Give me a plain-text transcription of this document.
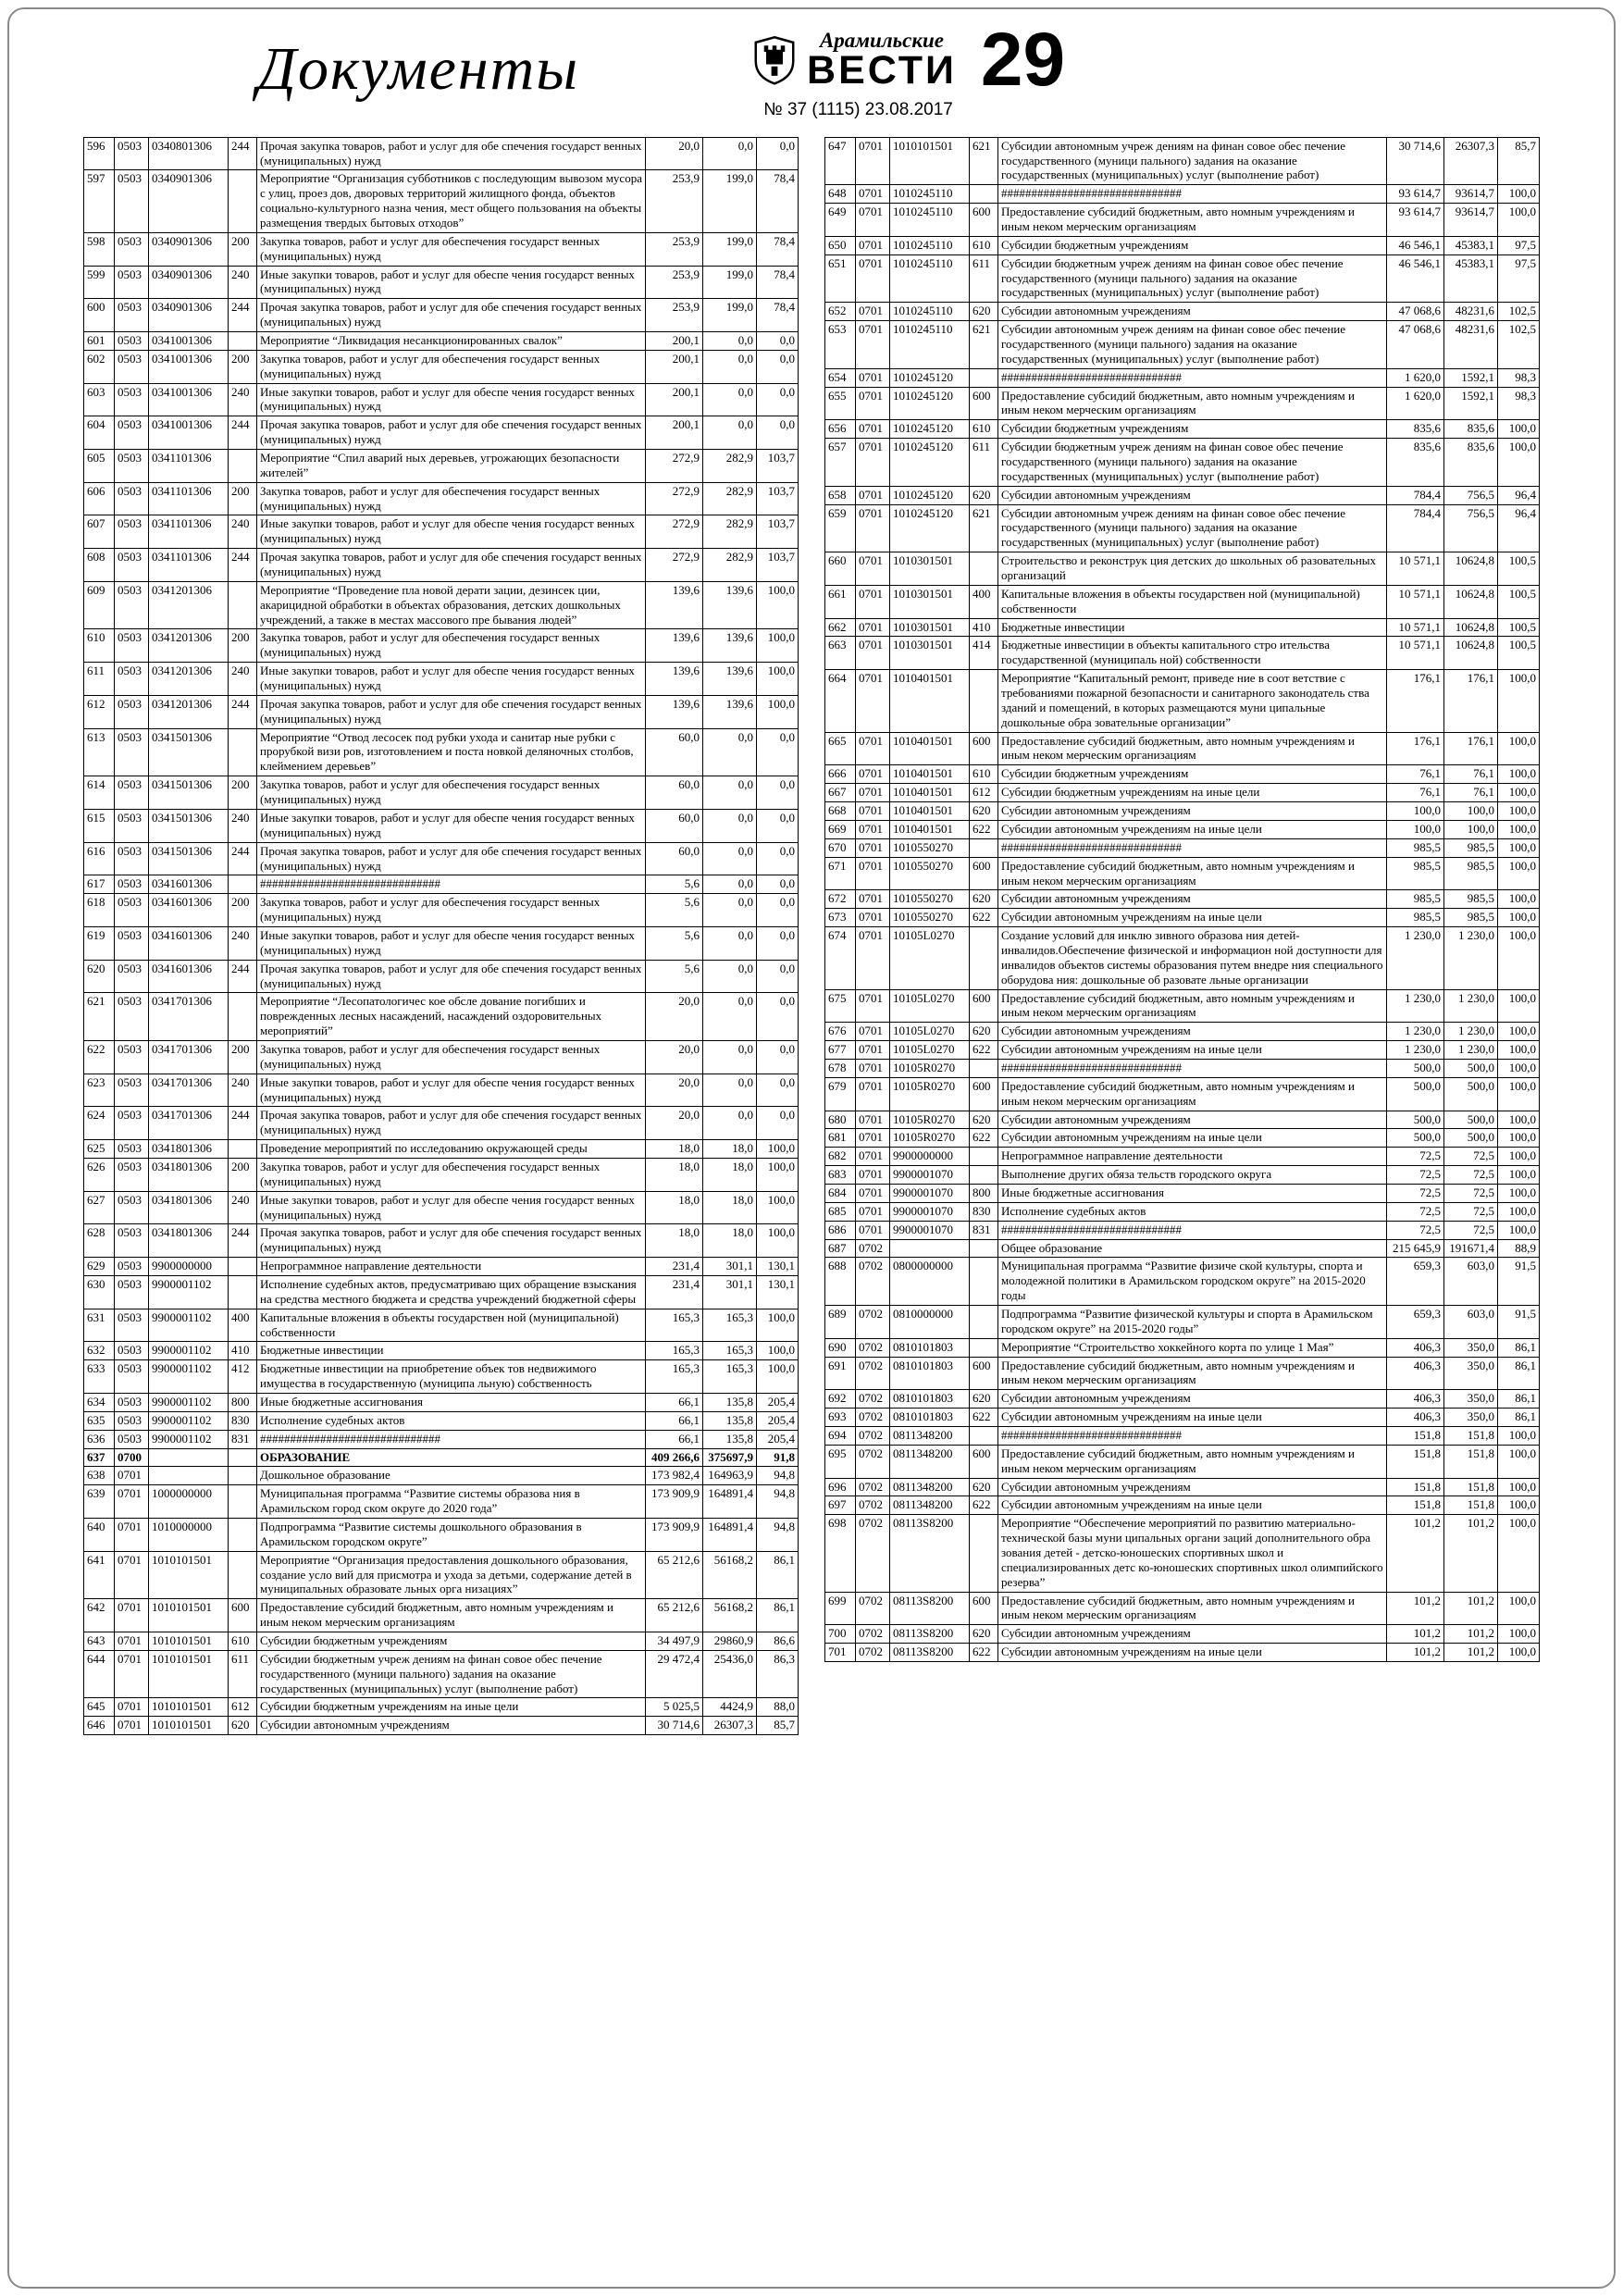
Документы	Арамильские
ВЕСТИ 29
№ 37 (1115) 23.08.2017
596	0503	0340801306	244	Прочая закупка товаров, работ и услуг для обе спечения государст венных (муниципальных) нужд	20,0	0,0	0,0
597	0503	0340901306		Мероприятие “Организация субботников с последующим вывозом мусора с улиц, проез дов, дворовых территорий жилищного фонда, объектов социально-культурного назна чения, мест общего пользования на объекты размещения твердых бытовых отходов”	253,9	199,0	78,4
598	0503	0340901306	200	Закупка товаров, работ и услуг для обеспечения государст венных (муниципальных) нужд	253,9	199,0	78,4
599	0503	0340901306	240	Иные закупки товаров, работ и услуг для обеспе чения государст венных (муниципальных) нужд	253,9	199,0	78,4
600	0503	0340901306	244	Прочая закупка товаров, работ и услуг для обе спечения государст венных (муниципальных) нужд	253,9	199,0	78,4
601	0503	0341001306		Мероприятие “Ликвидация несанкционированных свалок”	200,1	0,0	0,0
602	0503	0341001306	200	Закупка товаров, работ и услуг для обеспечения государст венных (муниципальных) нужд	200,1	0,0	0,0
603	0503	0341001306	240	Иные закупки товаров, работ и услуг для обеспе чения государст венных (муниципальных) нужд	200,1	0,0	0,0
604	0503	0341001306	244	Прочая закупка товаров, работ и услуг для обе спечения государст венных (муниципальных) нужд	200,1	0,0	0,0
605	0503	0341101306		Мероприятие “Спил аварий ных деревьев, угрожающих безопасности жителей”	272,9	282,9	103,7
606	0503	0341101306	200	Закупка товаров, работ и услуг для обеспечения государст венных (муниципальных) нужд	272,9	282,9	103,7
607	0503	0341101306	240	Иные закупки товаров, работ и услуг для обеспе чения государст венных (муниципальных) нужд	272,9	282,9	103,7
608	0503	0341101306	244	Прочая закупка товаров, работ и услуг для обе спечения государст венных (муниципальных) нужд	272,9	282,9	103,7
609	0503	0341201306		Мероприятие “Проведение пла новой дерати зации, дезинсек ции, акарицидной обработки в объектах образования, детских дошкольных учреждений, а также в местах массового пре бывания людей”	139,6	139,6	100,0
610	0503	0341201306	200	Закупка товаров, работ и услуг для обеспечения государст венных (муниципальных) нужд	139,6	139,6	100,0
611	0503	0341201306	240	Иные закупки товаров, работ и услуг для обеспе чения государст венных (муниципальных) нужд	139,6	139,6	100,0
612	0503	0341201306	244	Прочая закупка товаров, работ и услуг для обе спечения государст венных (муниципальных) нужд	139,6	139,6	100,0
613	0503	0341501306		Мероприятие “Отвод лесосек под рубки ухода и санитар ные рубки с прорубкой визи ров, изготовлением и поста новкой деляночных столбов, клеймением деревьев”	60,0	0,0	0,0
614	0503	0341501306	200	Закупка товаров, работ и услуг для обеспечения государст венных (муниципальных) нужд	60,0	0,0	0,0
615	0503	0341501306	240	Иные закупки товаров, работ и услуг для обеспе чения государст венных (муниципальных) нужд	60,0	0,0	0,0
616	0503	0341501306	244	Прочая закупка товаров, работ и услуг для обе спечения государст венных (муниципальных) нужд	60,0	0,0	0,0
617	0503	0341601306		##############################	5,6	0,0	0,0
618	0503	0341601306	200	Закупка товаров, работ и услуг для обеспечения государст венных (муниципальных) нужд	5,6	0,0	0,0
619	0503	0341601306	240	Иные закупки товаров, работ и услуг для обеспе чения государст венных (муниципальных) нужд	5,6	0,0	0,0
620	0503	0341601306	244	Прочая закупка товаров, работ и услуг для обе спечения государст венных (муниципальных) нужд	5,6	0,0	0,0
621	0503	0341701306		Мероприятие “Лесопатологичес кое обсле дование погибших и поврежденных лесных насаждений, насаждений оздоровительных мероприятий”	20,0	0,0	0,0
622	0503	0341701306	200	Закупка товаров, работ и услуг для обеспечения государст венных (муниципальных) нужд	20,0	0,0	0,0
623	0503	0341701306	240	Иные закупки товаров, работ и услуг для обеспе чения государст венных (муниципальных) нужд	20,0	0,0	0,0
624	0503	0341701306	244	Прочая закупка товаров, работ и услуг для обе спечения государст венных (муниципальных) нужд	20,0	0,0	0,0
625	0503	0341801306		Проведение мероприятий по исследованию окружающей среды	18,0	18,0	100,0
626	0503	0341801306	200	Закупка товаров, работ и услуг для обеспечения государст венных (муниципальных) нужд	18,0	18,0	100,0
627	0503	0341801306	240	Иные закупки товаров, работ и услуг для обеспе чения государст венных (муниципальных) нужд	18,0	18,0	100,0
628	0503	0341801306	244	Прочая закупка товаров, работ и услуг для обе спечения государст венных (муниципальных) нужд	18,0	18,0	100,0
629	0503	9900000000		Непрограммное направление деятельности	231,4	301,1	130,1
630	0503	9900001102		Исполнение судебных актов, предусматриваю щих обращение взыскания на средства местного бюджета и средства учреждений бюджетной сферы	231,4	301,1	130,1
631	0503	9900001102	400	Капитальные вложения в объекты государствен ной (муниципальной) собственности	165,3	165,3	100,0
632	0503	9900001102	410	Бюджетные инвестиции	165,3	165,3	100,0
633	0503	9900001102	412	Бюджетные инвестиции на приобретение объек тов недвижимого имущества в государственную (муниципа льную) собственность	165,3	165,3	100,0
634	0503	9900001102	800	Иные бюджетные ассигнования	66,1	135,8	205,4
635	0503	9900001102	830	Исполнение судебных актов	66,1	135,8	205,4
636	0503	9900001102	831	##############################	66,1	135,8	205,4
637	0700			ОБРАЗОВАНИЕ	409 266,6	375697,9	91,8
638	0701			Дошкольное образование	173 982,4	164963,9	94,8
639	0701	1000000000		Муниципальная программа “Развитие системы образова ния в Арамильском город ском округе до 2020 года”	173 909,9	164891,4	94,8
640	0701	1010000000		Подпрограмма “Развитие системы дошкольного образования в Арамильском городском округе”	173 909,9	164891,4	94,8
641	0701	1010101501		Мероприятие “Организация предоставления дошкольного образования, создание усло вий для присмотра и ухода за детьми, содержание детей в муниципальных образовате льных орга низациях”	65 212,6	56168,2	86,1
642	0701	1010101501	600	Предоставление субсидий бюджетным, авто номным учреждениям и иным неком мерческим организациям	65 212,6	56168,2	86,1
643	0701	1010101501	610	Субсидии бюджетным учреждениям	34 497,9	29860,9	86,6
644	0701	1010101501	611	Субсидии бюджетным учреж дениям на финан совое обес печение государственного (муници пального) задания на оказание государственных (муниципальных) услуг (выполнение работ)	29 472,4	25436,0	86,3
645	0701	1010101501	612	Субсидии бюджетным учреждениям на иные цели	5 025,5	4424,9	88,0
646	0701	1010101501	620	Субсидии автономным учреждениям	30 714,6	26307,3	85,7
647	0701	1010101501	621	Субсидии автономным учреж дениям на финан совое обес печение государственного (муници пального) задания на оказание государственных (муниципальных) услуг (выполнение работ)	30 714,6	26307,3	85,7
648	0701	1010245110		##############################	93 614,7	93614,7	100,0
649	0701	1010245110	600	Предоставление субсидий бюджетным, авто номным учреждениям и иным неком мерческим организациям	93 614,7	93614,7	100,0
650	0701	1010245110	610	Субсидии бюджетным учреждениям	46 546,1	45383,1	97,5
651	0701	1010245110	611	Субсидии бюджетным учреж дениям на финан совое обес печение государственного (муници пального) задания на оказание государственных (муниципальных) услуг (выполнение работ)	46 546,1	45383,1	97,5
652	0701	1010245110	620	Субсидии автономным учреждениям	47 068,6	48231,6	102,5
653	0701	1010245110	621	Субсидии автономным учреж дениям на финан совое обес печение государственного (муници пального) задания на оказание государственных (муниципальных) услуг (выполнение работ)	47 068,6	48231,6	102,5
654	0701	1010245120		##############################	1 620,0	1592,1	98,3
655	0701	1010245120	600	Предоставление субсидий бюджетным, авто номным учреждениям и иным неком мерческим организациям	1 620,0	1592,1	98,3
656	0701	1010245120	610	Субсидии бюджетным учреждениям	835,6	835,6	100,0
657	0701	1010245120	611	Субсидии бюджетным учреж дениям на финан совое обес печение государственного (муници пального) задания на оказание государственных (муниципальных) услуг (выполнение работ)	835,6	835,6	100,0
658	0701	1010245120	620	Субсидии автономным учреждениям	784,4	756,5	96,4
659	0701	1010245120	621	Субсидии автономным учреж дениям на финан совое обес печение государственного (муници пального) задания на оказание государственных (муниципальных) услуг (выполнение работ)	784,4	756,5	96,4
660	0701	1010301501		Строительство и реконструк ция детских до школьных об разовательных организаций	10 571,1	10624,8	100,5
661	0701	1010301501	400	Капитальные вложения в объекты государствен ной (муниципальной) собственности	10 571,1	10624,8	100,5
662	0701	1010301501	410	Бюджетные инвестиции	10 571,1	10624,8	100,5
663	0701	1010301501	414	Бюджетные инвестиции в объекты капитального стро ительства государственной (муниципаль ной) собственности	10 571,1	10624,8	100,5
664	0701	1010401501		Мероприятие “Капитальный ремонт, приведе ние в соот ветствие с требованиями пожарной безопасности и санитарного законодатель ства зданий и помещений, в которых размещаются муни ципальные дошкольные обра зовательные организации”	176,1	176,1	100,0
665	0701	1010401501	600	Предоставление субсидий бюджетным, авто номным учреждениям и иным неком мерческим организациям	176,1	176,1	100,0
666	0701	1010401501	610	Субсидии бюджетным учреждениям	76,1	76,1	100,0
667	0701	1010401501	612	Субсидии бюджетным учреждениям на иные цели	76,1	76,1	100,0
668	0701	1010401501	620	Субсидии автономным учреждениям	100,0	100,0	100,0
669	0701	1010401501	622	Субсидии автономным учреждениям на иные цели	100,0	100,0	100,0
670	0701	1010550270		##############################	985,5	985,5	100,0
671	0701	1010550270	600	Предоставление субсидий бюджетным, авто номным учреждениям и иным неком мерческим организациям	985,5	985,5	100,0
672	0701	1010550270	620	Субсидии автономным учреждениям	985,5	985,5	100,0
673	0701	1010550270	622	Субсидии автономным учреждениям на иные цели	985,5	985,5	100,0
674	0701	10105L0270		Создание условий для инклю зивного образова ния детей-инвалидов.Обеспечение физической и информацион ной доступности для инвалидов объектов системы образования путем внедре ния специального оборудова ния: дошкольные об разовате льные организации	1 230,0	1 230,0	100,0
675	0701	10105L0270	600	Предоставление субсидий бюджетным, авто номным учреждениям и иным неком мерческим организациям	1 230,0	1 230,0	100,0
676	0701	10105L0270	620	Субсидии автономным учреждениям	1 230,0	1 230,0	100,0
677	0701	10105L0270	622	Субсидии автономным учреждениям на иные цели	1 230,0	1 230,0	100,0
678	0701	10105R0270		##############################	500,0	500,0	100,0
679	0701	10105R0270	600	Предоставление субсидий бюджетным, авто номным учреждениям и иным неком мерческим организациям	500,0	500,0	100,0
680	0701	10105R0270	620	Субсидии автономным учреждениям	500,0	500,0	100,0
681	0701	10105R0270	622	Субсидии автономным учреждениям на иные цели	500,0	500,0	100,0
682	0701	9900000000		Непрограммное направление деятельности	72,5	72,5	100,0
683	0701	9900001070		Выполнение других обяза тельств городского округа	72,5	72,5	100,0
684	0701	9900001070	800	Иные бюджетные ассигнования	72,5	72,5	100,0
685	0701	9900001070	830	Исполнение судебных актов	72,5	72,5	100,0
686	0701	9900001070	831	##############################	72,5	72,5	100,0
687	0702			Общее образование	215 645,9	191671,4	88,9
688	0702	0800000000		Муниципальная программа “Развитие физиче ской культуры, спорта и молодежной политики в Арамильском городском округе” на 2015-2020 годы	659,3	603,0	91,5
689	0702	0810000000		Подпрограмма “Развитие физической культуры и спорта в Арамильском городском округе” на 2015-2020 годы”	659,3	603,0	91,5
690	0702	0810101803		Мероприятие “Строительство хоккейного корта по улице 1 Мая”	406,3	350,0	86,1
691	0702	0810101803	600	Предоставление субсидий бюджетным, авто номным учреждениям и иным неком мерческим организациям	406,3	350,0	86,1
692	0702	0810101803	620	Субсидии автономным учреждениям	406,3	350,0	86,1
693	0702	0810101803	622	Субсидии автономным учреждениям на иные цели	406,3	350,0	86,1
694	0702	0811348200		##############################	151,8	151,8	100,0
695	0702	0811348200	600	Предоставление субсидий бюджетным, авто номным учреждениям и иным неком мерческим организациям	151,8	151,8	100,0
696	0702	0811348200	620	Субсидии автономным учреждениям	151,8	151,8	100,0
697	0702	0811348200	622	Субсидии автономным учреждениям на иные цели	151,8	151,8	100,0
698	0702	08113S8200		Мероприятие “Обеспечение мероприятий по развитию материально-технической базы муни ципальных органи заций дополнительного обра зования детей - детско-юношеских спортивных школ и специализированных детс ко-юношеских спортивных школ олимпийского резерва”	101,2	101,2	100,0
699	0702	08113S8200	600	Предоставление субсидий бюджетным, авто номным учреждениям и иным неком мерческим организациям	101,2	101,2	100,0
700	0702	08113S8200	620	Субсидии автономным учреждениям	101,2	101,2	100,0
701	0702	08113S8200	622	Субсидии автономным учреждениям на иные цели	101,2	101,2	100,0
